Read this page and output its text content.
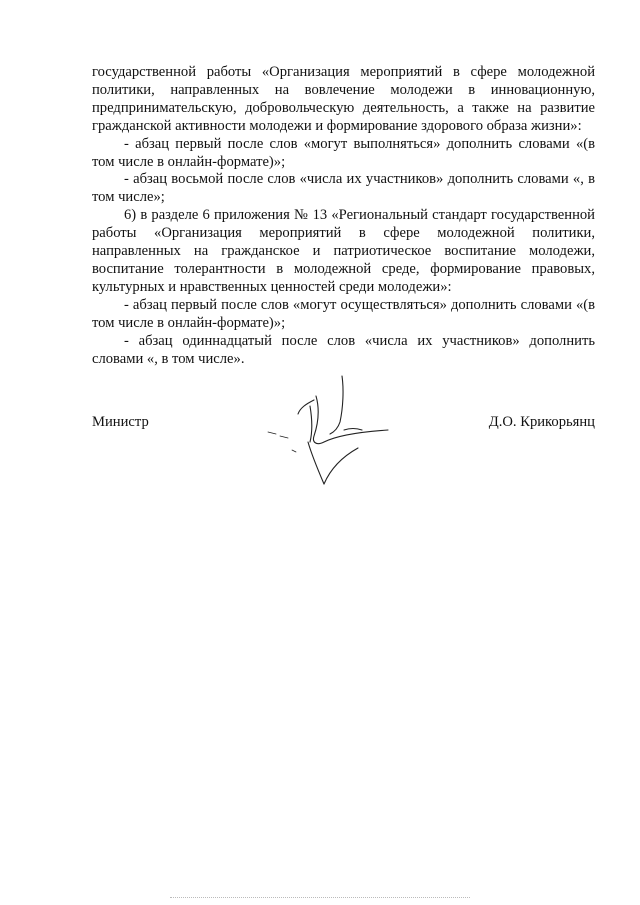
государственной работы «Организация мероприятий в сфере молодежной политики, направленных на вовлечение молодежи в инновационную, предпринимательскую, добровольческую деятельность, а также на развитие гражданской активности молодежи и формирование здорового образа жизни»:

- абзац первый после слов «могут выполняться» дополнить словами «(в том числе в онлайн-формате)»;

- абзац восьмой после слов «числа их участников» дополнить словами «, в том числе»;

6) в разделе 6 приложения № 13 «Региональный стандарт государственной работы «Организация мероприятий в сфере молодежной политики, направленных на гражданское и патриотическое воспитание молодежи, воспитание толерантности в молодежной среде, формирование правовых, культурных и нравственных ценностей среди молодежи»:

- абзац первый после слов «могут осуществляться» дополнить словами «(в том числе в онлайн-формате)»;

- абзац одиннадцатый после слов «числа их участников» дополнить словами «, в том числе».

Министр	Д.О. Крикорьянц
